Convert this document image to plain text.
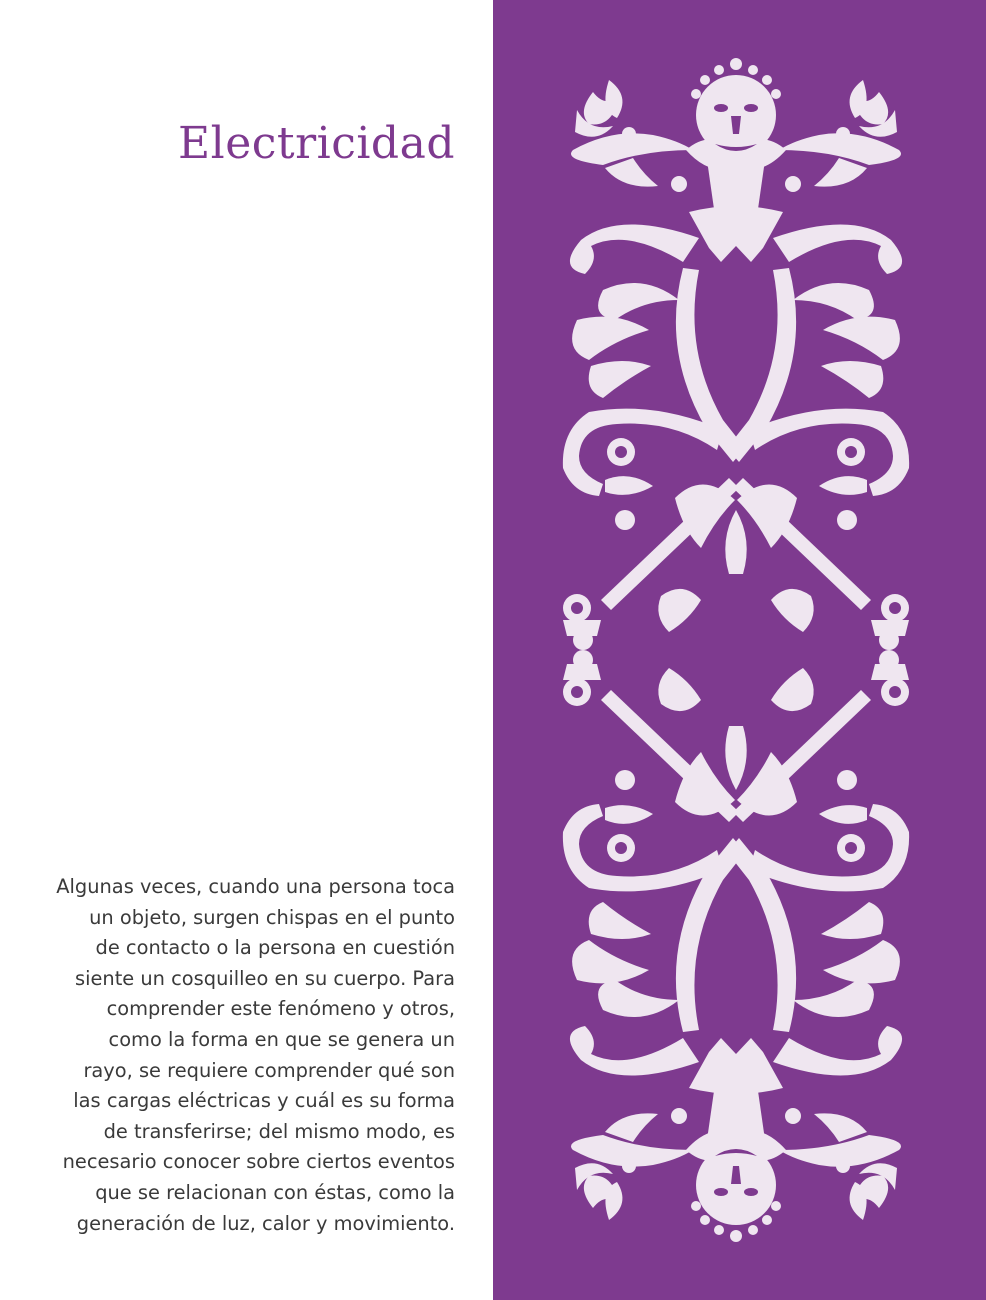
Electricidad

Algunas veces, cuando una persona toca
un objeto, surgen chispas en el punto
de contacto o la persona en cuestión
siente un cosquilleo en su cuerpo. Para
comprender este fenómeno y otros,
como la forma en que se genera un
rayo, se requiere comprender qué son
las cargas eléctricas y cuál es su forma
de transferirse; del mismo modo, es
necesario conocer sobre ciertos eventos
que se relacionan con éstas, como la
generación de luz, calor y movimiento.
